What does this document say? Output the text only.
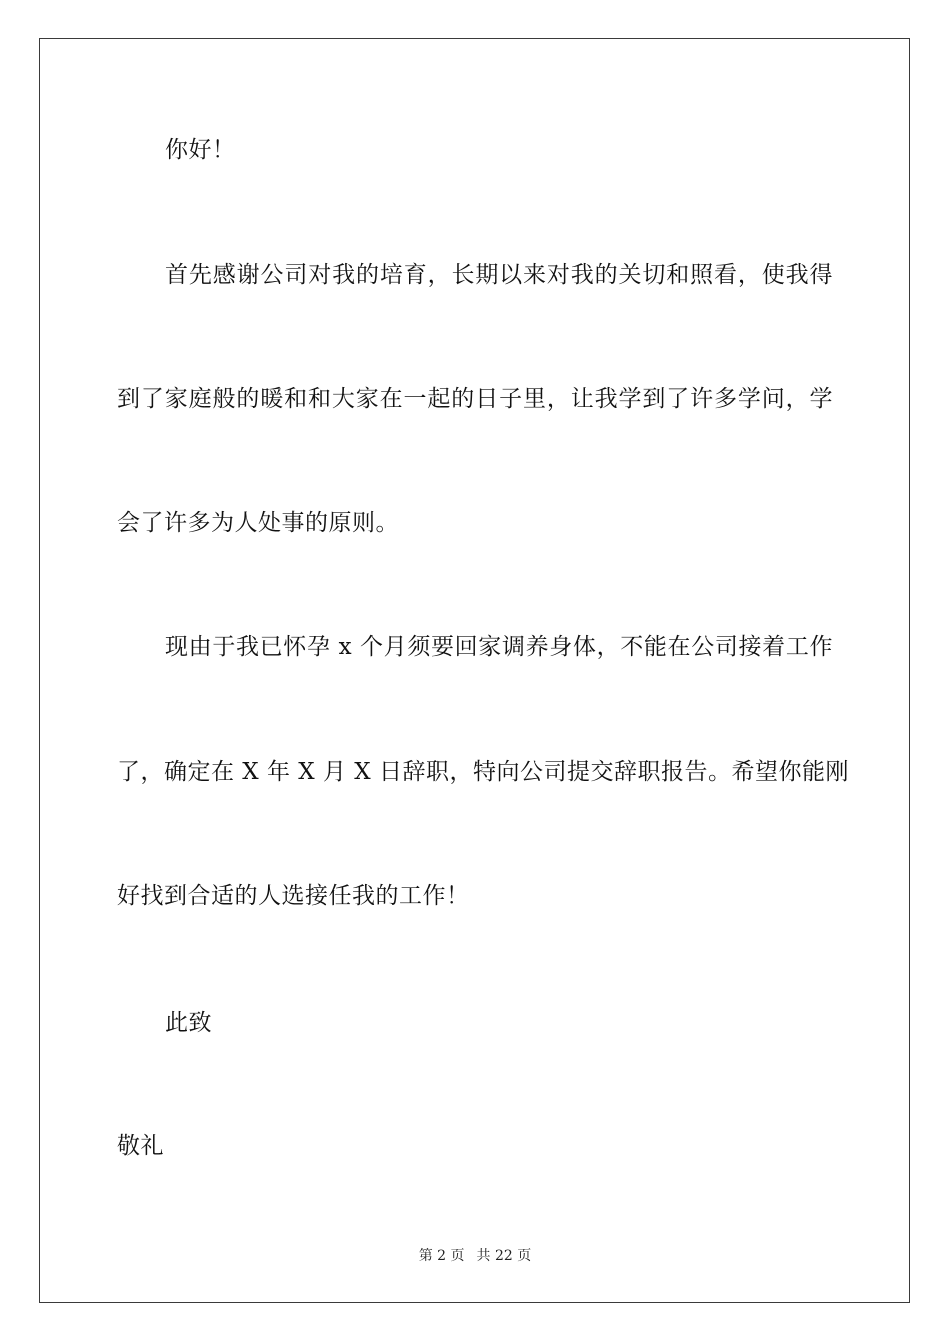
你好！
首先感谢公司对我的培育，长期以来对我的关切和照看，使我得
到了家庭般的暖和和大家在一起的日子里，让我学到了许多学问，学
会了许多为人处事的原则。
现由于我已怀孕 x 个月须要回家调养身体，不能在公司接着工作
了，确定在 X 年 X 月 X 日辞职，特向公司提交辞职报告。希望你能刚
好找到合适的人选接任我的工作！
此致
敬礼
第 2 页 共 22 页
